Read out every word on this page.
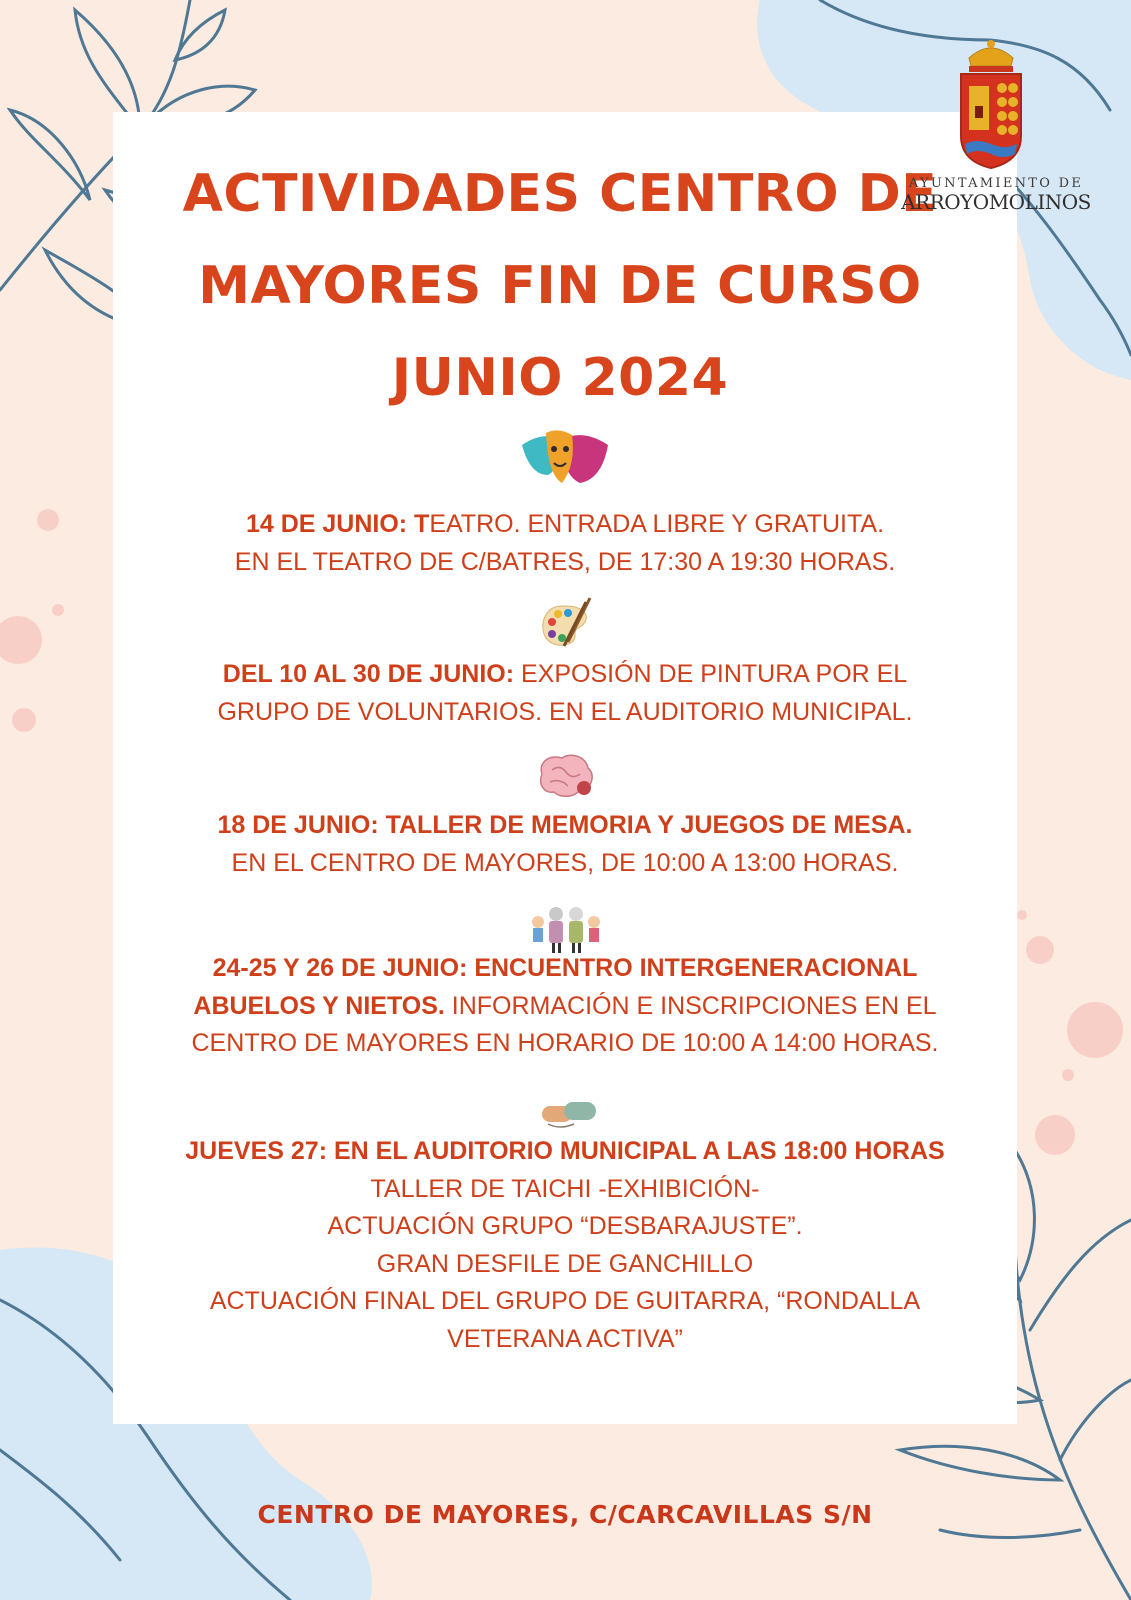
ACTIVIDADES CENTRO DE
MAYORES FIN DE CURSO
JUNIO 2024
AYUNTAMIENTO DE
ARROYOMOLINOS
14 DE JUNIO: TEATRO. ENTRADA LIBRE Y GRATUITA.
EN EL TEATRO DE C/BATRES, DE 17:30 A 19:30 HORAS.
DEL 10 AL 30 DE JUNIO: EXPOSIÓN DE PINTURA POR EL
GRUPO DE VOLUNTARIOS. EN EL AUDITORIO MUNICIPAL.
18 DE JUNIO: TALLER DE MEMORIA Y JUEGOS DE MESA.
EN EL CENTRO DE MAYORES, DE 10:00 A 13:00 HORAS.
24-25 Y 26 DE JUNIO: ENCUENTRO INTERGENERACIONAL
ABUELOS Y NIETOS. INFORMACIÓN E INSCRIPCIONES EN EL
CENTRO DE MAYORES EN HORARIO DE 10:00 A 14:00 HORAS.
JUEVES 27: EN EL AUDITORIO MUNICIPAL A LAS 18:00 HORAS
TALLER DE TAICHI -EXHIBICIÓN-
ACTUACIÓN GRUPO “DESBARAJUSTE”.
GRAN DESFILE DE GANCHILLO
ACTUACIÓN FINAL DEL GRUPO DE GUITARRA, “RONDALLA
VETERANA ACTIVA”
CENTRO DE MAYORES, C/CARCAVILLAS S/N
